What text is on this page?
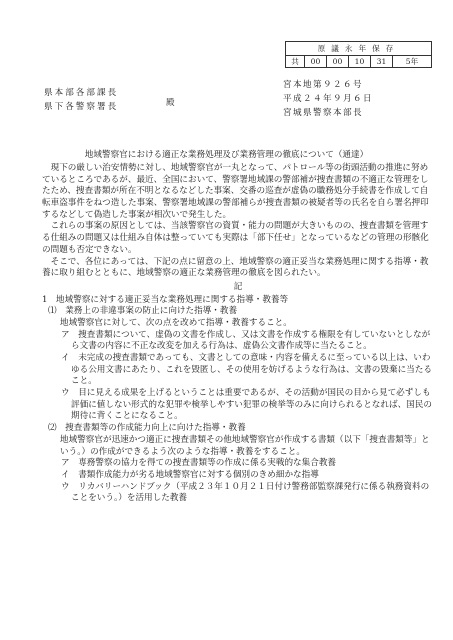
原議永年保存
共	00	00	10	31	5年
県本部各部課長
県下各警察署長	殿
宮本地第９２６号
平成２４年９月６日
宮城県警察本部長
地域警察官における適正な業務処理及び業務管理の徹底について（通達）

現下の厳しい治安情勢に対し、地域警察官が一丸となって、パトロール等の街頭活動の推進に努めているところであるが、最近、全国において、警察署地域課の警部補が捜査書類の不適正な管理をしたため、捜査書類が所在不明となるなどした事案、交番の巡査が虚偽の職務処分手続書を作成して自転車盗事件をねつ造した事案、警察署地域課の警部補らが捜査書類の被疑者等の氏名を自ら署名押印するなどして偽造した事案が相次いで発生した。

これらの事案の原因としては、当該警察官の資質・能力の問題が大きいものの、捜査書類を管理する仕組みの問題又は仕組み自体は整っていても実際は「部下任せ」となっているなどの管理の形骸化の問題も否定できない。

そこで、各位にあっては、下記の点に留意の上、地域警察の適正妥当な業務処理に関する指導・教養に取り組むとともに、地域警察の適正な業務管理の徹底を図られたい。

記

1　地域警察に対する適正妥当な業務処理に関する指導・教養等
⑴　業務上の非違事案の防止に向けた指導・教養
地域警察官に対して、次の点を改めて指導・教養すること。
ア　捜査書類について、虚偽の文書を作成し、又は文書を作成する権限を有していないとしながら文書の内容に不正な改変を加える行為は、虚偽公文書作成等に当たること。
イ　未完成の捜査書類であっても、文書としての意味・内容を備えるに至っている以上は、いわゆる公用文書にあたり、これを毀匿し、その使用を妨げるような行為は、文書の毀棄に当たること。
ウ　目に見える成果を上げるということは重要であるが、その活動が国民の目から見て必ずしも評価に値しない形式的な犯罪や検挙しやすい犯罪の検挙等のみに向けられるとなれば、国民の期待に背くことになること。
⑵　捜査書類等の作成能力向上に向けた指導・教養
地域警察官が迅速かつ適正に捜査書類その他地域警察官が作成する書類（以下「捜査書類等」という。）の作成ができるよう次のような指導・教養をすること。
ア　専務警察の協力を得ての捜査書類等の作成に係る実戦的な集合教養
イ　書類作成能力が劣る地域警察官に対する個別のきめ細かな指導
ウ　リカバリーハンドブック（平成２３年１０月２１日付け警務部監察課発行に係る執務資料のことをいう。）を活用した教養
